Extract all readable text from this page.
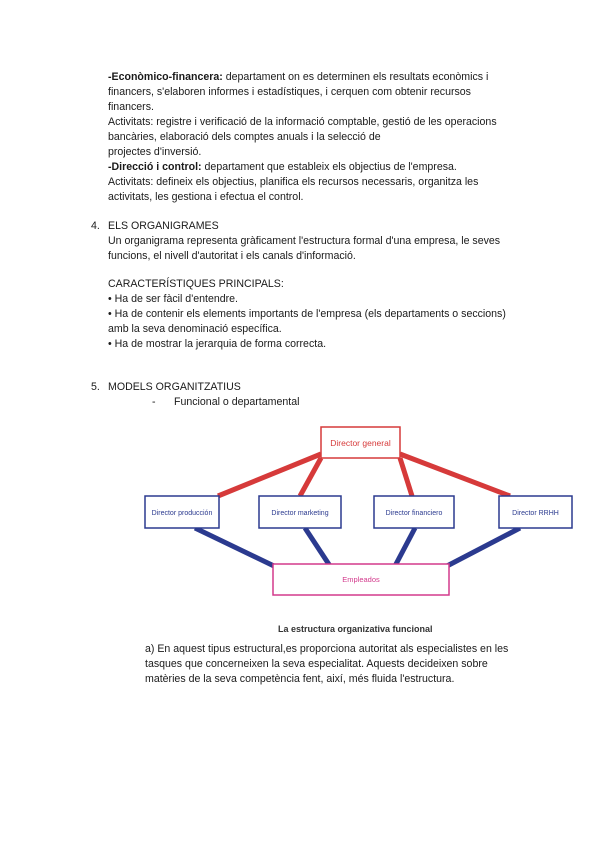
-Econòmico-financera: departament on es determinen els resultats econòmics i
financers, s'elaboren informes i estadístiques, i cerquen com obtenir recursos
financers.
Activitats: registre i verificació de la informació comptable, gestió de les operacions
bancàries, elaboració dels comptes anuals i la selecció de
projectes d'inversió.
-Direcció i control: departament que estableix els objectius de l'empresa.
Activitats: defineix els objectius, planifica els recursos necessaris, organitza les
activitats, les gestiona i efectua el control.
4. ELS ORGANIGRAMES
Un organigrama representa gràficament l'estructura formal d'una empresa, le seves
funcions, el nivell d'autoritat i els canals d'informació.
CARACTERÍSTIQUES PRINCIPALS:
• Ha de ser fàcil d'entendre.
• Ha de contenir els elements importants de l'empresa (els departaments o seccions)
amb la seva denominació específica.
• Ha de mostrar la jerarquia de forma correcta.
5. MODELS ORGANITZATIUS
- Funcional o departamental
Director general
Director producción	Director marketing	Director financiero	Director RRHH
Empleados
La estructura organizativa funcional
a) En aquest tipus estructural,es proporciona autoritat als especialistes en les
tasques que concerneixen la seva especialitat. Aquests decideixen sobre
matèries de la seva competència fent, així, més fluida l'estructura.
